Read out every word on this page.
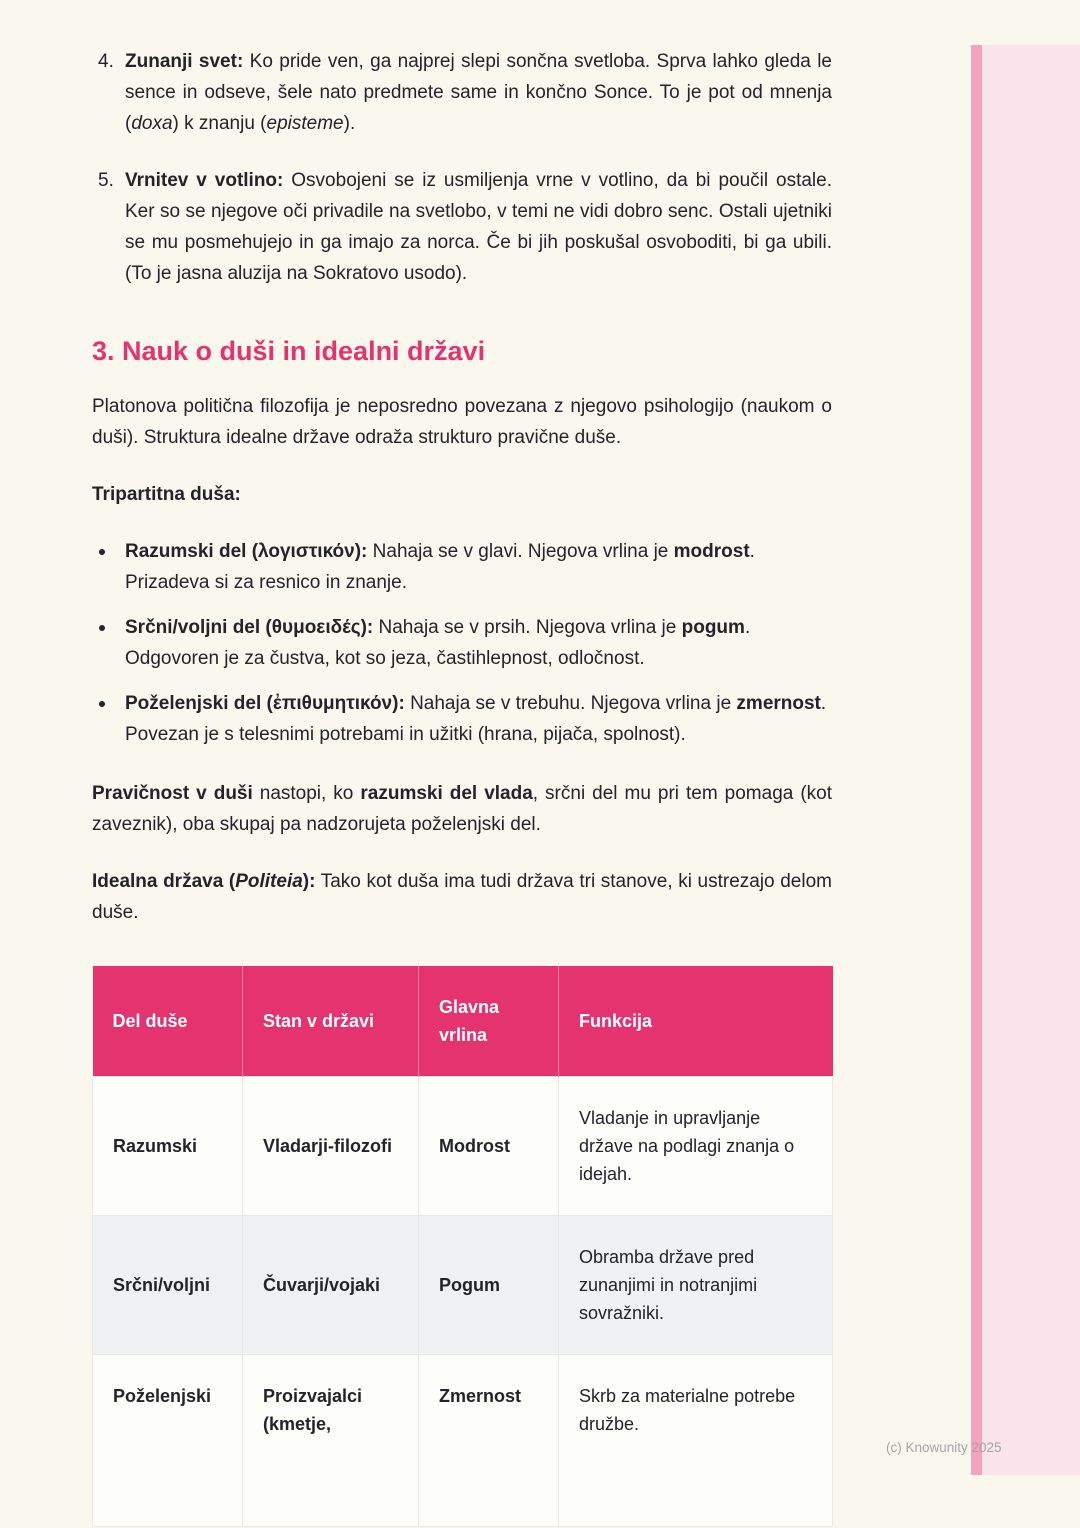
4. Zunanji svet: Ko pride ven, ga najprej slepi sončna svetloba. Sprva lahko gleda le sence in odseve, šele nato predmete same in končno Sonce. To je pot od mnenja (doxa) k znanju (episteme).
5. Vrnitev v votlino: Osvobojeni se iz usmiljenja vrne v votlino, da bi poučil ostale. Ker so se njegove oči privadile na svetlobo, v temi ne vidi dobro senc. Ostali ujetniki se mu posmehujejo in ga imajo za norca. Če bi jih poskušal osvoboditi, bi ga ubili. (To je jasna aluzija na Sokratovo usodo).
3. Nauk o duši in idealni državi

Platonova politična filozofija je neposredno povezana z njegovo psihologijo (naukom o duši). Struktura idealne države odraža strukturo pravične duše.

Tripartitna duša:

Razumski del (λογιστικόν): Nahaja se v glavi. Njegova vrlina je modrost. Prizadeva si za resnico in znanje.
Srčni/voljni del (θυμοειδές): Nahaja se v prsih. Njegova vrlina je pogum. Odgovoren je za čustva, kot so jeza, častihlepnost, odločnost.
Poželenjski del (ἐπιθυμητικόν): Nahaja se v trebuhu. Njegova vrlina je zmernost. Povezan je s telesnimi potrebami in užitki (hrana, pijača, spolnost).

Pravičnost v duši nastopi, ko razumski del vlada, srčni del mu pri tem pomaga (kot zaveznik), oba skupaj pa nadzorujeta poželenjski del.

Idealna država (Politeia): Tako kot duša ima tudi država tri stanove, ki ustrezajo delom duše.

Del duše	Stan v državi	Glavna vrlina	Funkcija
Razumski	Vladarji-filozofi	Modrost	Vladanje in upravljanje države na podlagi znanja o idejah.
Srčni/voljni	Čuvarji/vojaki	Pogum	Obramba države pred zunanjimi in notranjimi sovražniki.
Poželenjski	Proizvajalci (kmetje,	Zmernost	Skrb za materialne potrebe družbe.
(c) Knowunity 2025
